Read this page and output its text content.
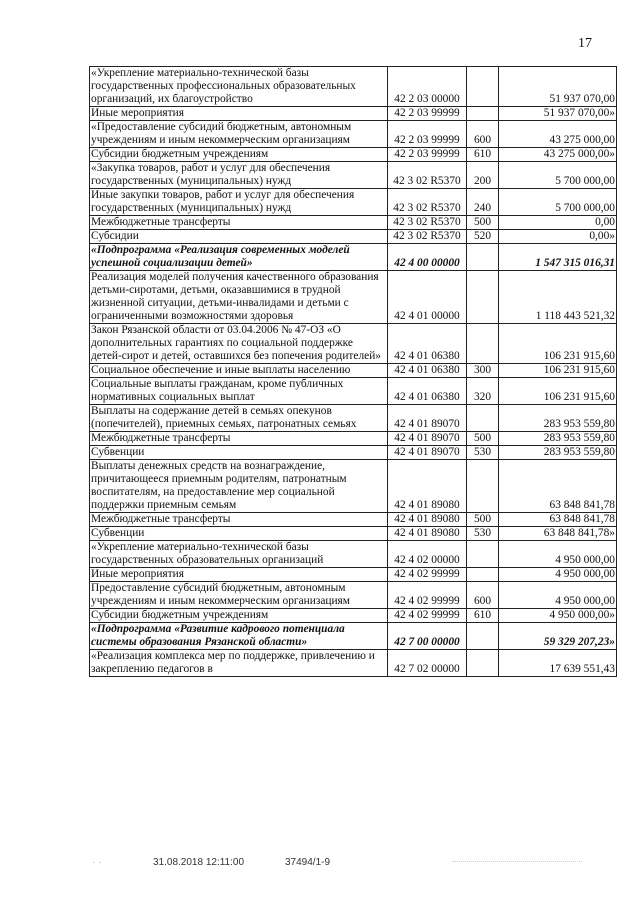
17
«Укрепление материально-технической базы государственных профессиональных образовательных организаций, их благоустройство	42 2 03 00000		51 937 070,00
Иные мероприятия	42 2 03 99999		51 937 070,00»
«Предоставление субсидий бюджетным, автономным учреждениям и иным некоммерческим организациям	42 2 03 99999	600	43 275 000,00
Субсидии бюджетным учреждениям	42 2 03 99999	610	43 275 000,00»
«Закупка товаров, работ и услуг для обеспечения государственных (муниципальных) нужд	42 3 02 R5370	200	5 700 000,00
Иные закупки товаров, работ и услуг для обеспечения государственных (муниципальных) нужд	42 3 02 R5370	240	5 700 000,00
Межбюджетные трансферты	42 3 02 R5370	500	0,00
Субсидии	42 3 02 R5370	520	0,00»
«Подпрограмма «Реализация современных моделей успешной социализации детей»	42 4 00 00000		1 547 315 016,31
Реализация моделей получения качественного образования детьми-сиротами, детьми, оказавшимися в трудной жизненной ситуации, детьми-инвалидами и детьми с ограниченными возможностями здоровья	42 4 01 00000		1 118 443 521,32
Закон Рязанской области от 03.04.2006 № 47-ОЗ «О дополнительных гарантиях по социальной поддержке детей-сирот и детей, оставшихся без попечения родителей»	42 4 01 06380		106 231 915,60
Социальное обеспечение и иные выплаты населению	42 4 01 06380	300	106 231 915,60
Социальные выплаты гражданам, кроме публичных нормативных социальных выплат	42 4 01 06380	320	106 231 915,60
Выплаты на содержание детей в семьях опекунов (попечителей), приемных семьях, патронатных семьях	42 4 01 89070		283 953 559,80
Межбюджетные трансферты	42 4 01 89070	500	283 953 559,80
Субвенции	42 4 01 89070	530	283 953 559,80
Выплаты денежных средств на вознаграждение, причитающееся приемным родителям, патронатным воспитателям, на предоставление мер социальной поддержки приемным семьям	42 4 01 89080		63 848 841,78
Межбюджетные трансферты	42 4 01 89080	500	63 848 841,78
Субвенции	42 4 01 89080	530	63 848 841,78»
«Укрепление материально-технической базы государственных образовательных организаций	42 4 02 00000		4 950 000,00
Иные мероприятия	42 4 02 99999		4 950 000,00
Предоставление субсидий бюджетным, автономным учреждениям и иным некоммерческим организациям	42 4 02 99999	600	4 950 000,00
Субсидии бюджетным учреждениям	42 4 02 99999	610	4 950 000,00»
«Подпрограмма «Развитие кадрового потенциала системы образования Рязанской области»	42 7 00 00000		59 329 207,23»
«Реализация комплекса мер по поддержке, привлечению и закреплению педагогов в	42 7 02 00000		17 639 551,43
· ·	31.08.2018 12:11:00	37494/1-9
